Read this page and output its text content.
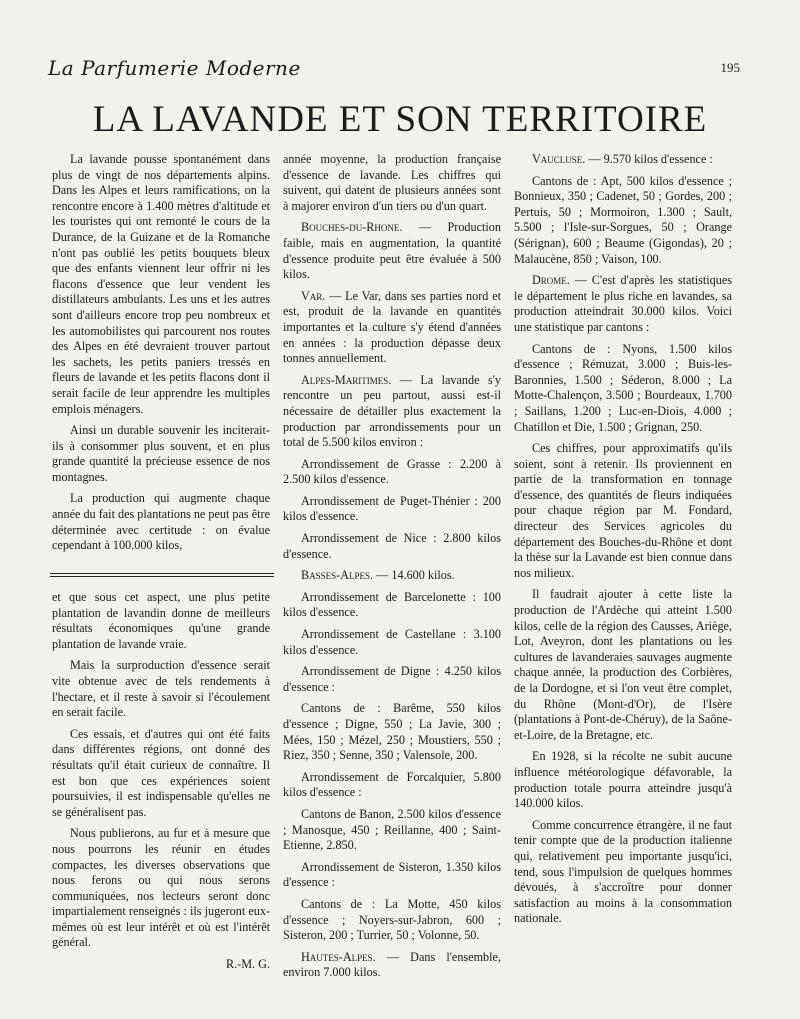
La Parfumerie Moderne	195
LA LAVANDE ET SON TERRITOIRE

La lavande pousse spontanément dans plus de vingt de nos départements alpins. Dans les Alpes et leurs ramifications, on la rencontre encore à 1.400 mètres d'altitude et les touristes qui ont remonté le cours de la Durance, de la Guizane et de la Romanche n'ont pas oublié les petits bouquets bleux que des enfants viennent leur offrir ni les flacons d'essence que leur vendent les distillateurs ambulants. Les uns et les autres sont d'ailleurs encore trop peu nombreux et les automobilistes qui parcourent nos routes des Alpes en été devraient trouver partout les sachets, les petits paniers tressés en fleurs de lavande et les petits flacons dont il serait facile de leur apprendre les multiples emplois ménagers.

Ainsi un durable souvenir les inciterait-ils à consommer plus souvent, et en plus grande quantité la précieuse essence de nos montagnes.

La production qui augmente chaque année du fait des plantations ne peut pas être déterminée avec certitude : on évalue cependant à 100.000 kilos,

et que sous cet aspect, une plus petite plantation de lavandin donne de meilleurs résultats économiques qu'une grande plantation de lavande vraie.

Mais la surproduction d'essence serait vite obtenue avec de tels rendements à l'hectare, et il reste à savoir si l'écoulement en serait facile.

Ces essais, et d'autres qui ont été faits dans différentes régions, ont donné des résultats qu'il était curieux de connaître. Il est bon que ces expériences soient poursuivies, il est indispensable qu'elles ne se généralisent pas.

Nous publierons, au fur et à mesure que nous pourrons les réunir en études compactes, les diverses observations que nous ferons ou qui nous serons communiquées, nos lecteurs seront donc impartialement renseignés : ils jugeront eux-mêmes où est leur intérêt et où est l'intérêt général.

R.-M. G.

année moyenne, la production française d'essence de lavande. Les chiffres qui suivent, qui datent de plusieurs années sont à majorer environ d'un tiers ou d'un quart.

Bouches-du-Rhone. — Production faible, mais en augmentation, la quantité d'essence produite peut être évaluée à 500 kilos.

Var. — Le Var, dans ses parties nord et est, produit de la lavande en quantités importantes et la culture s'y étend d'années en années : la production dépasse deux tonnes annuellement.

Alpes-Maritimes. — La lavande s'y rencontre un peu partout, aussi est-il nécessaire de détailler plus exactement la production par arrondissements pour un total de 5.500 kilos environ :

Arrondissement de Grasse : 2.200 à 2.500 kilos d'essence.

Arrondissement de Puget-Thénier : 200 kilos d'essence.

Arrondissement de Nice : 2.800 kilos d'essence.

Basses-Alpes. — 14.600 kilos.

Arrondissement de Barcelonette : 100 kilos d'essence.

Arrondissement de Castellane : 3.100 kilos d'essence.

Arrondissement de Digne : 4.250 kilos d'essence :

Cantons de : Barême, 550 kilos d'essence ; Digne, 550 ; La Javie, 300 ; Mées, 150 ; Mézel, 250 ; Moustiers, 550 ; Riez, 350 ; Senne, 350 ; Valensole, 200.

Arrondissement de Forcalquier, 5.800 kilos d'essence :

Cantons de Banon, 2.500 kilos d'essence ; Manosque, 450 ; Reillanne, 400 ; Saint-Etienne, 2.850.

Arrondissement de Sisteron, 1.350 kilos d'essence :

Cantons de : La Motte, 450 kilos d'essence ; Noyers-sur-Jabron, 600 ; Sisteron, 200 ; Turrier, 50 ; Volonne, 50.

Hautes-Alpes. — Dans l'ensemble, environ 7.000 kilos.

Vaucluse. — 9.570 kilos d'essence :

Cantons de : Apt, 500 kilos d'essence ; Bonnieux, 350 ; Cadenet, 50 ; Gordes, 200 ; Pertuis, 50 ; Mormoiron, 1.300 ; Sault, 5.500 ; l'Isle-sur-Sorgues, 50 ; Orange (Sérignan), 600 ; Beaume (Gigondas), 20 ; Malaucène, 850 ; Vaison, 100.

Drome. — C'est d'après les statistiques le département le plus riche en lavandes, sa production atteindrait 30.000 kilos. Voici une statistique par cantons :

Cantons de : Nyons, 1.500 kilos d'essence ; Rémuzat, 3.000 ; Buis-les-Baronnies, 1.500 ; Séderon, 8.000 ; La Motte-Chalençon, 3.500 ; Bourdeaux, 1.700 ; Saillans, 1.200 ; Luc-en-Diois, 4.000 ; Chatillon et Die, 1.500 ; Grignan, 250.

Ces chiffres, pour approximatifs qu'ils soient, sont à retenir. Ils proviennent en partie de la transformation en tonnage d'essence, des quantités de fleurs indiquées pour chaque région par M. Fondard, directeur des Services agricoles du département des Bouches-du-Rhône et dont la thèse sur la Lavande est bien connue dans nos milieux.

Il faudrait ajouter à cette liste la production de l'Ardèche qui atteint 1.500 kilos, celle de la région des Causses, Ariège, Lot, Aveyron, dont les plantations ou les cultures de lavanderaies sauvages augmente chaque année, la production des Corbières, de la Dordogne, et si l'on veut être complet, du Rhône (Mont-d'Or), de l'Isère (plantations à Pont-de-Chéruy), de la Saône-et-Loire, de la Bretagne, etc.

En 1928, si la récolte ne subit aucune influence météorologique défavorable, la production totale pourra atteindre jusqu'à 140.000 kilos.

Comme concurrence étrangère, il ne faut tenir compte que de la production italienne qui, relativement peu importante jusqu'ici, tend, sous l'impulsion de quelques hommes dévoués, à s'accroître pour donner satisfaction au moins à la consommation nationale.
